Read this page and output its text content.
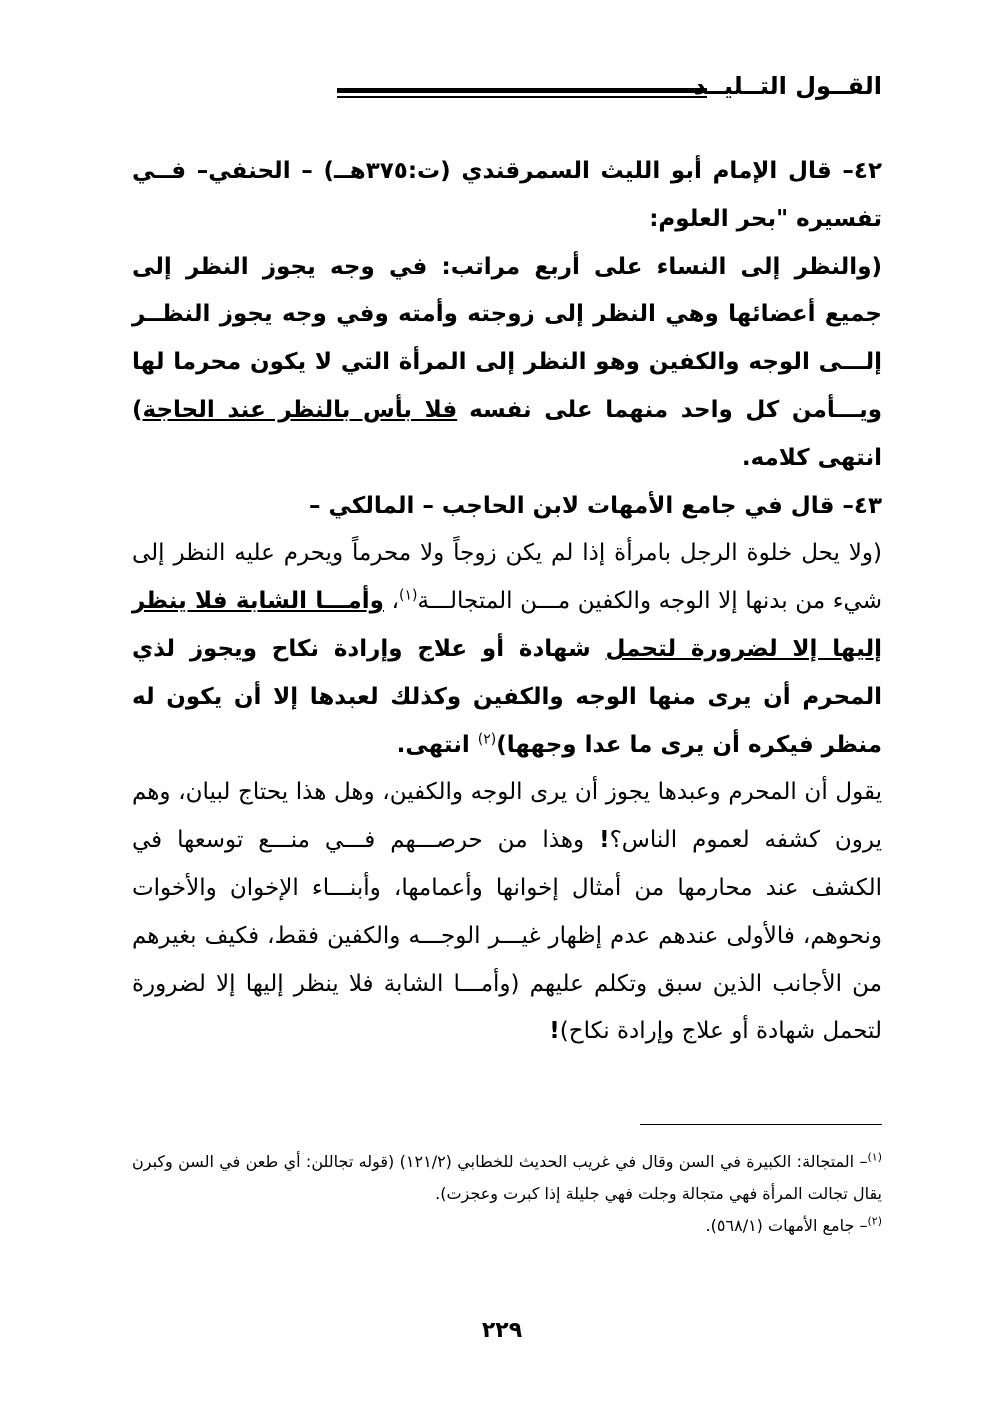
القــول التــليــد

٤٢– قال الإمام أبو الليث السمرقندي (ت:٣٧٥هــ) – الحنفي– فــي تفسيره "بحر العلوم:

(والنظر إلى النساء على أربع مراتب: في وجه يجوز النظر إلى جميع أعضائها وهي النظر إلى زوجته وأمته وفي وجه يجوز النظــر إلـــى الوجه والكفين وهو النظر إلى المرأة التي لا يكون محرما لها ويـــأمن كل واحد منهما على نفسه فلا بأس بالنظر عند الحاجة) انتهى كلامه.

٤٣– قال في جامع الأمهات لابن الحاجب – المالكي –

(ولا يحل خلوة الرجل بامرأة إذا لم يكن زوجاً ولا محرماً ويحرم عليه النظر إلى شيء من بدنها إلا الوجه والكفين مـــن المتجالـــة$^{(١)}$، وأمـــا الشابة فلا ينظر إليها إلا لضرورة لتحمل شهادة أو علاج وإرادة نكاح ويجوز لذي المحرم أن يرى منها الوجه والكفين وكذلك لعبدها إلا أن يكون له منظر فيكره أن يرى ما عدا وجهها)$^{(٢)}$ انتهى.

يقول أن المحرم وعبدها يجوز أن يرى الوجه والكفين، وهل هذا يحتاج لبيان، وهم يرون كشفه لعموم الناس؟! وهذا من حرصـــهم فـــي منـــع توسعها في الكشف عند محارمها من أمثال إخوانها وأعمامها، وأبنـــاء الإخوان والأخوات ونحوهم، فالأولى عندهم عدم إظهار غيـــر الوجـــه والكفين فقط، فكيف بغيرهم من الأجانب الذين سبق وتكلم عليهم (وأمـــا الشابة فلا ينظر إليها إلا لضرورة لتحمل شهادة أو علاج وإرادة نكاح)!

$^{(١)}$– المتجالة: الكبيرة في السن وقال في غريب الحديث للخطابي (١٢١/٢) (قوله تجاللن: أي طعن في السن وكبرن يقال تجالت المرأة فهي متجالة وجلت فهي جليلة إذا كبرت وعجزت).

$^{(٢)}$– جامع الأمهات (٥٦٨/١).

٢٢٩
